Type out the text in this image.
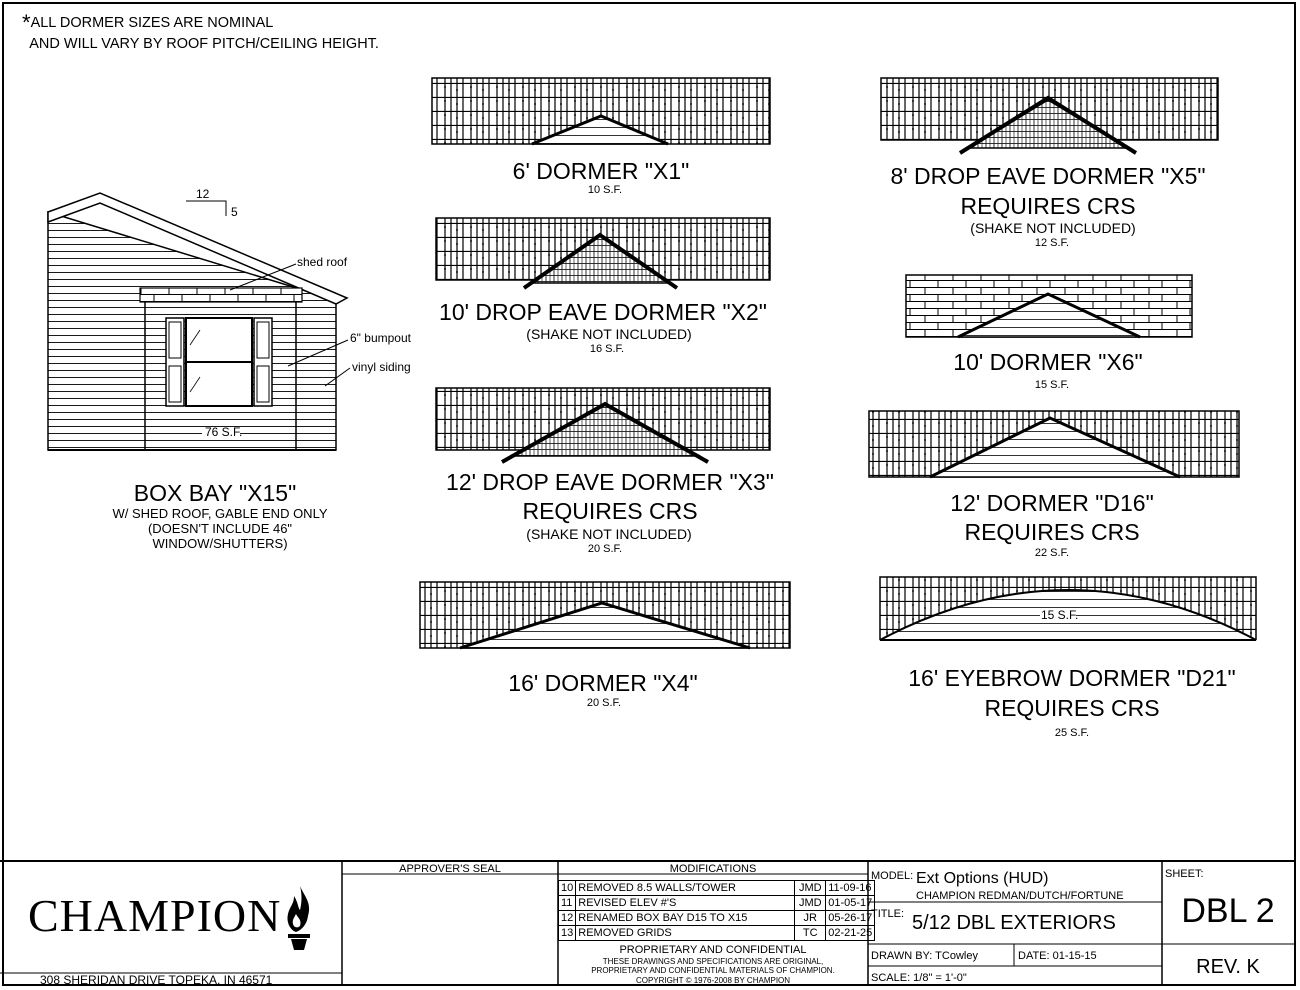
*ALL DORMER SIZES ARE NOMINAL
AND WILL VARY BY ROOF PITCH/CEILING HEIGHT.
12
5
shed roof
6" bumpout
vinyl siding
76 S.F.
15 S.F.
BOX BAY "X15"
W/ SHED ROOF, GABLE END ONLY
(DOESN'T INCLUDE 46"
WINDOW/SHUTTERS)
6' DORMER "X1"
10 S.F.
10' DROP EAVE DORMER "X2"
(SHAKE NOT INCLUDED)
16 S.F.
12' DROP EAVE DORMER "X3"
REQUIRES CRS
(SHAKE NOT INCLUDED)
20 S.F.
16' DORMER "X4"
20 S.F.
8' DROP EAVE DORMER "X5"
REQUIRES CRS
(SHAKE NOT INCLUDED)
12 S.F.
10' DORMER "X6"
15 S.F.
12' DORMER "D16"
REQUIRES CRS
22 S.F.
16' EYEBROW DORMER "D21"
REQUIRES CRS
25 S.F.
CHAMPION
308 SHERIDAN DRIVE TOPEKA, IN 46571
APPROVER'S SEAL	MODIFICATIONS
10	REMOVED 8.5 WALLS/TOWER	JMD	11-09-16
11	REVISED ELEV #'S	JMD	01-05-17
12	RENAMED BOX BAY D15 TO X15	JR	05-26-17
13	REMOVED GRIDS	TC	02-21-25
PROPRIETARY AND CONFIDENTIAL
THESE DRAWINGS AND SPECIFICATIONS ARE ORIGINAL,
PROPRIETARY AND CONFIDENTIAL MATERIALS OF CHAMPION.
COPYRIGHT © 1976-2008 BY CHAMPION
MODEL: Ext Options (HUD)
CHAMPION REDMAN/DUTCH/FORTUNE
TITLE: 5/12 DBL EXTERIORS
DRAWN BY: TCowley	DATE: 01-15-15
SCALE: 1/8" = 1'-0"
SHEET:
DBL 2
REV. K
